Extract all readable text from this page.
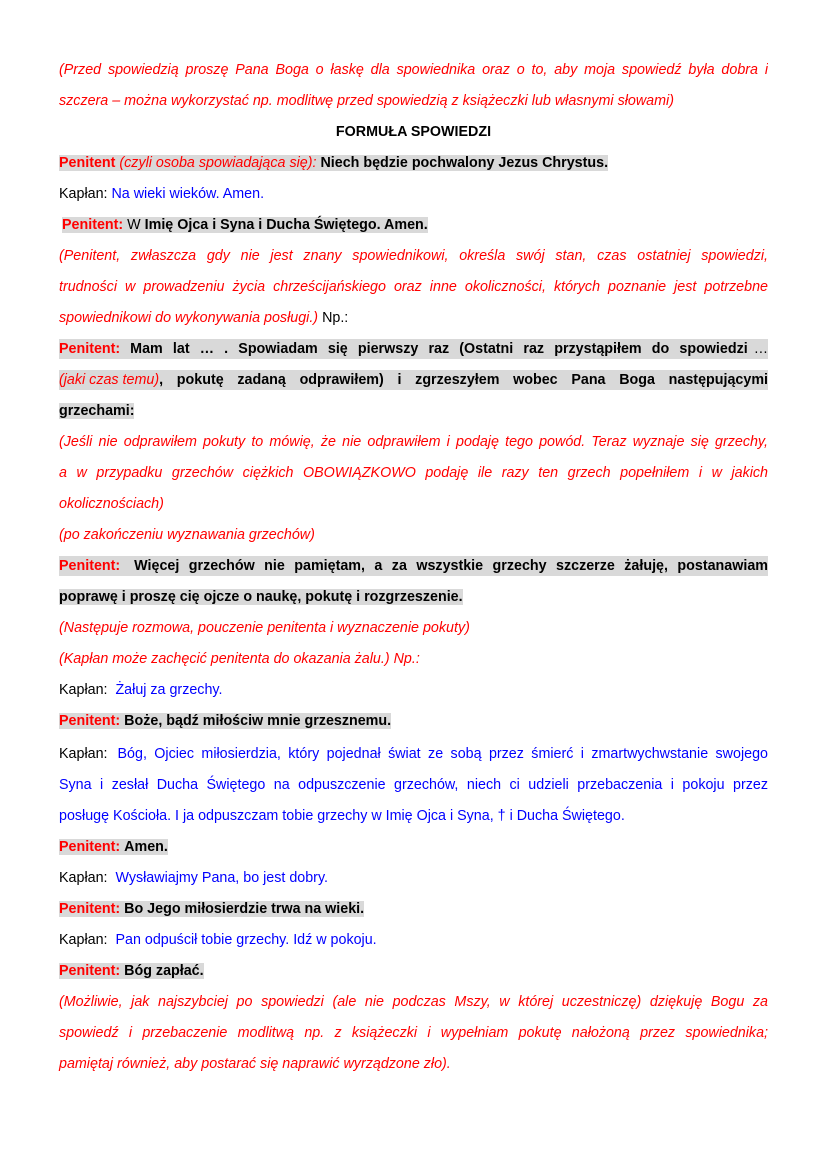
(Przed spowiedzią proszę Pana Boga o łaskę dla spowiednika oraz o to, aby moja spowiedź była dobra i
szczera – można wykorzystać np. modlitwę przed spowiedzią z książeczki lub własnymi słowami)
FORMUŁA SPOWIEDZI
Penitent (czyli osoba spowiadająca się): Niech będzie pochwalony Jezus Chrystus.
Kapłan: Na wieki wieków. Amen.
Penitent: W Imię Ojca i Syna i Ducha Świętego. Amen.
(Penitent, zwłaszcza gdy nie jest znany spowiednikowi, określa swój stan, czas ostatniej spowiedzi,
trudności w prowadzeniu życia chrześcijańskiego oraz inne okoliczności, których poznanie jest potrzebne
spowiednikowi do wykonywania posługi.) Np.:
Penitent: Mam lat … . Spowiadam się pierwszy raz (Ostatni raz przystąpiłem do spowiedzi …
(jaki czas temu) , pokutę zadaną odprawiłem) i zgrzeszyłem wobec Pana Boga następującymi
grzechami:
(Jeśli nie odprawiłem pokuty to mówię, że nie odprawiłem i podaję tego powód. Teraz wyznaje się grzechy,
a w przypadku grzechów ciężkich OBOWIĄZKOWO podaję ile razy ten grzech popełniłem i w jakich
okolicznościach)
(po zakończeniu wyznawania grzechów)
Penitent: Więcej grzechów nie pamiętam, a za wszystkie grzechy szczerze żałuję, postanawiam
poprawę i proszę cię ojcze o naukę, pokutę i rozgrzeszenie.
(Następuje rozmowa, pouczenie penitenta i wyznaczenie pokuty)
(Kapłan może zachęcić penitenta do okazania żalu.) Np.:
Kapłan: Żałuj za grzechy.
Penitent: Boże, bądź miłościw mnie grzesznemu.
Kapłan: Bóg, Ojciec miłosierdzia, który pojednał świat ze sobą przez śmierć i zmartwychwstanie swojego
Syna i zesłał Ducha Świętego na odpuszczenie grzechów, niech ci udzieli przebaczenia i pokoju przez
posługę Kościoła. I ja odpuszczam tobie grzechy w Imię Ojca i Syna, † i Ducha Świętego.
Penitent: Amen.
Kapłan: Wysławiajmy Pana, bo jest dobry.
Penitent: Bo Jego miłosierdzie trwa na wieki.
Kapłan: Pan odpuścił tobie grzechy. Idź w pokoju.
Penitent: Bóg zapłać.
(Możliwie, jak najszybciej po spowiedzi (ale nie podczas Mszy, w której uczestniczę) dziękuję Bogu za
spowiedź i przebaczenie modlitwą np. z książeczki i wypełniam pokutę nałożoną przez spowiednika;
pamiętaj również, aby postarać się naprawić wyrządzone zło).
